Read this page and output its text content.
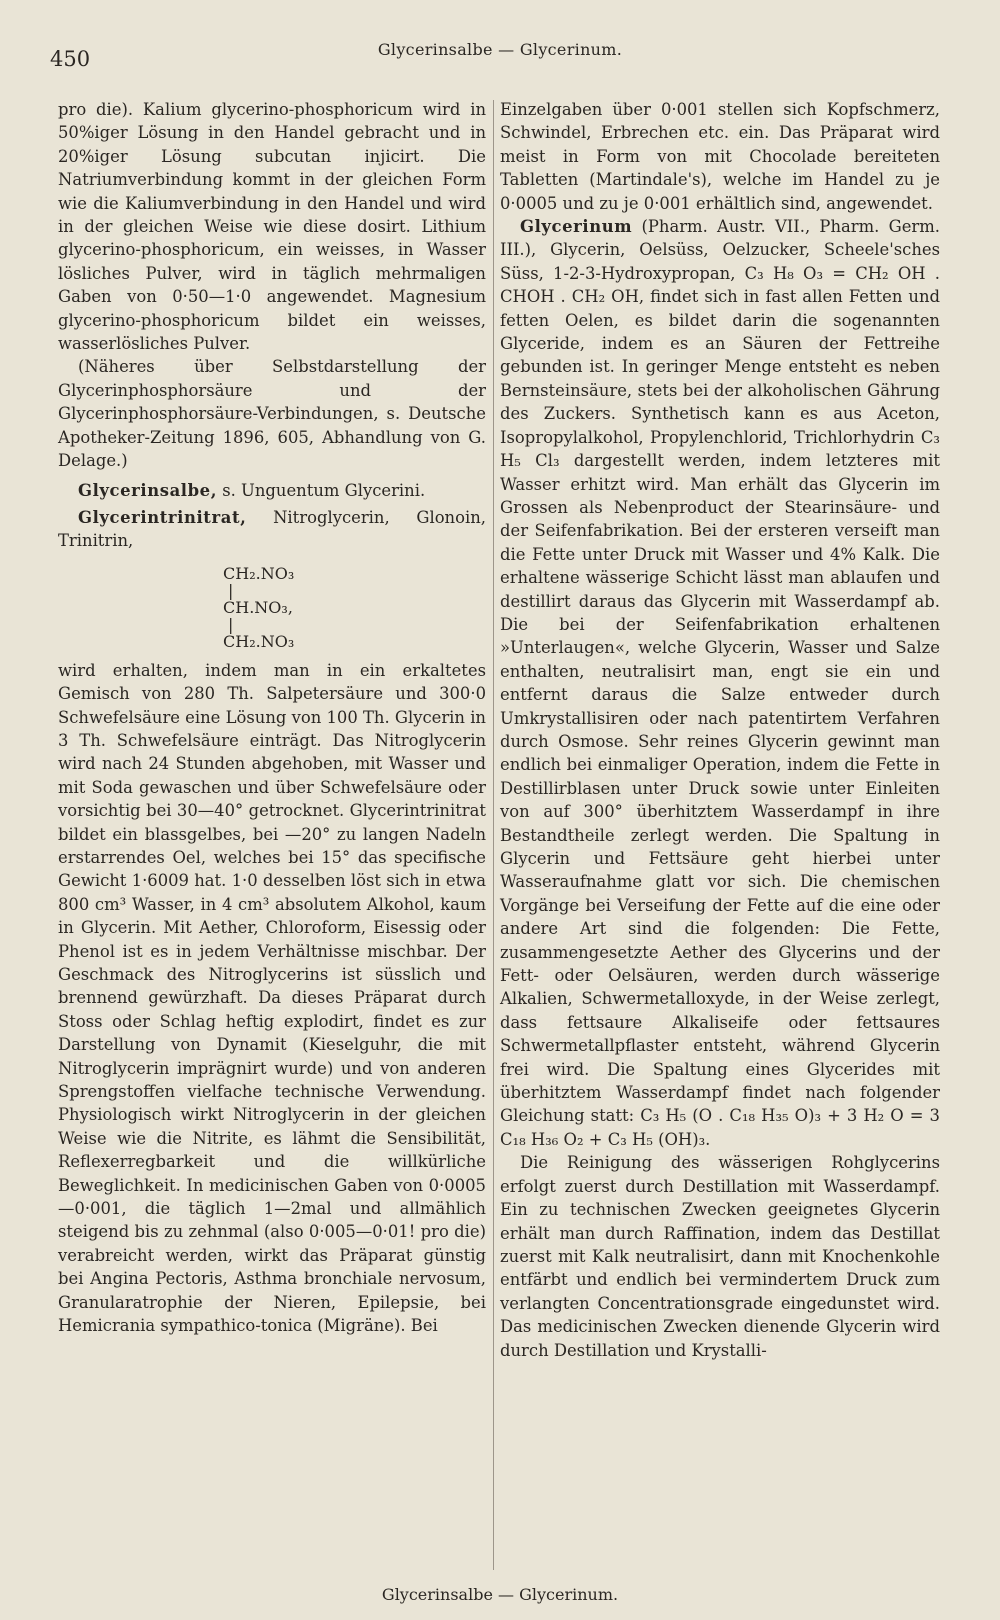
450	Glycerinsalbe — Glycerinum.

pro die). Kalium glycerino-phosphoricum wird in 50%iger Lösung in den Handel gebracht und in 20%iger Lösung subcutan injicirt. Die Natriumverbindung kommt in der gleichen Form wie die Kaliumverbindung in den Handel und wird in der gleichen Weise wie diese dosirt. Lithium glycerino-phosphoricum, ein weisses, in Wasser lösliches Pulver, wird in täglich mehrmaligen Gaben von 0·50—1·0 angewendet. Magnesium glycerino-phosphoricum bildet ein weisses, wasserlösliches Pulver.

(Näheres über Selbstdarstellung der Glycerinphosphorsäure und der Glycerinphosphorsäure-Verbindungen, s. Deutsche Apotheker-Zeitung 1896, 605, Abhandlung von G. Delage.)

Glycerinsalbe, s. Unguentum Glycerini.

Glycerintrinitrat, Nitroglycerin, Glonoin, Trinitrin,

CH₂.NO₃
|
CH.NO₃,
|
CH₂.NO₃

wird erhalten, indem man in ein erkaltetes Gemisch von 280 Th. Salpetersäure und 300·0 Schwefelsäure eine Lösung von 100 Th. Glycerin in 3 Th. Schwefelsäure einträgt. Das Nitroglycerin wird nach 24 Stunden abgehoben, mit Wasser und mit Soda gewaschen und über Schwefelsäure oder vorsichtig bei 30—40° getrocknet. Glycerintrinitrat bildet ein blassgelbes, bei —20° zu langen Nadeln erstarrendes Oel, welches bei 15° das specifische Gewicht 1·6009 hat. 1·0 desselben löst sich in etwa 800 cm³ Wasser, in 4 cm³ absolutem Alkohol, kaum in Glycerin. Mit Aether, Chloroform, Eisessig oder Phenol ist es in jedem Verhältnisse mischbar. Der Geschmack des Nitroglycerins ist süsslich und brennend gewürzhaft. Da dieses Präparat durch Stoss oder Schlag heftig explodirt, findet es zur Darstellung von Dynamit (Kieselguhr, die mit Nitroglycerin imprägnirt wurde) und von anderen Sprengstoffen vielfache technische Verwendung. Physiologisch wirkt Nitroglycerin in der gleichen Weise wie die Nitrite, es lähmt die Sensibilität, Reflexerregbarkeit und die willkürliche Beweglichkeit. In medicinischen Gaben von 0·0005—0·001, die täglich 1—2mal und allmählich steigend bis zu zehnmal (also 0·005—0·01! pro die) verabreicht werden, wirkt das Präparat günstig bei Angina Pectoris, Asthma bronchiale nervosum, Granularatrophie der Nieren, Epilepsie, bei Hemicrania sympathico-tonica (Migräne). Bei

Einzelgaben über 0·001 stellen sich Kopfschmerz, Schwindel, Erbrechen etc. ein. Das Präparat wird meist in Form von mit Chocolade bereiteten Tabletten (Martindale's), welche im Handel zu je 0·0005 und zu je 0·001 erhältlich sind, angewendet.

Glycerinum (Pharm. Austr. VII., Pharm. Germ. III.), Glycerin, Oelsüss, Oelzucker, Scheele'sches Süss, 1-2-3-Hydroxypropan, C₃ H₈ O₃ = CH₂ OH . CHOH . CH₂ OH, findet sich in fast allen Fetten und fetten Oelen, es bildet darin die sogenannten Glyceride, indem es an Säuren der Fettreihe gebunden ist. In geringer Menge entsteht es neben Bernsteinsäure, stets bei der alkoholischen Gährung des Zuckers. Synthetisch kann es aus Aceton, Isopropylalkohol, Propylenchlorid, Trichlorhydrin C₃ H₅ Cl₃ dargestellt werden, indem letzteres mit Wasser erhitzt wird. Man erhält das Glycerin im Grossen als Nebenproduct der Stearinsäure- und der Seifenfabrikation. Bei der ersteren verseift man die Fette unter Druck mit Wasser und 4% Kalk. Die erhaltene wässerige Schicht lässt man ablaufen und destillirt daraus das Glycerin mit Wasserdampf ab. Die bei der Seifenfabrikation erhaltenen »Unterlaugen«, welche Glycerin, Wasser und Salze enthalten, neutralisirt man, engt sie ein und entfernt daraus die Salze entweder durch Umkrystallisiren oder nach patentirtem Verfahren durch Osmose. Sehr reines Glycerin gewinnt man endlich bei einmaliger Operation, indem die Fette in Destillirblasen unter Druck sowie unter Einleiten von auf 300° überhitztem Wasserdampf in ihre Bestandtheile zerlegt werden. Die Spaltung in Glycerin und Fettsäure geht hierbei unter Wasseraufnahme glatt vor sich. Die chemischen Vorgänge bei Verseifung der Fette auf die eine oder andere Art sind die folgenden: Die Fette, zusammengesetzte Aether des Glycerins und der Fett- oder Oelsäuren, werden durch wässerige Alkalien, Schwermetalloxyde, in der Weise zerlegt, dass fettsaure Alkaliseife oder fettsaures Schwermetallpflaster entsteht, während Glycerin frei wird. Die Spaltung eines Glycerides mit überhitztem Wasserdampf findet nach folgender Gleichung statt: C₃ H₅ (O . C₁₈ H₃₅ O)₃ + 3 H₂ O = 3 C₁₈ H₃₆ O₂ + C₃ H₅ (OH)₃.

Die Reinigung des wässerigen Rohglycerins erfolgt zuerst durch Destillation mit Wasserdampf. Ein zu technischen Zwecken geeignetes Glycerin erhält man durch Raffination, indem das Destillat zuerst mit Kalk neutralisirt, dann mit Knochenkohle entfärbt und endlich bei vermindertem Druck zum verlangten Concentrationsgrade eingedunstet wird. Das medicinischen Zwecken dienende Glycerin wird durch Destillation und Krystalli-

Glycerinsalbe — Glycerinum.
